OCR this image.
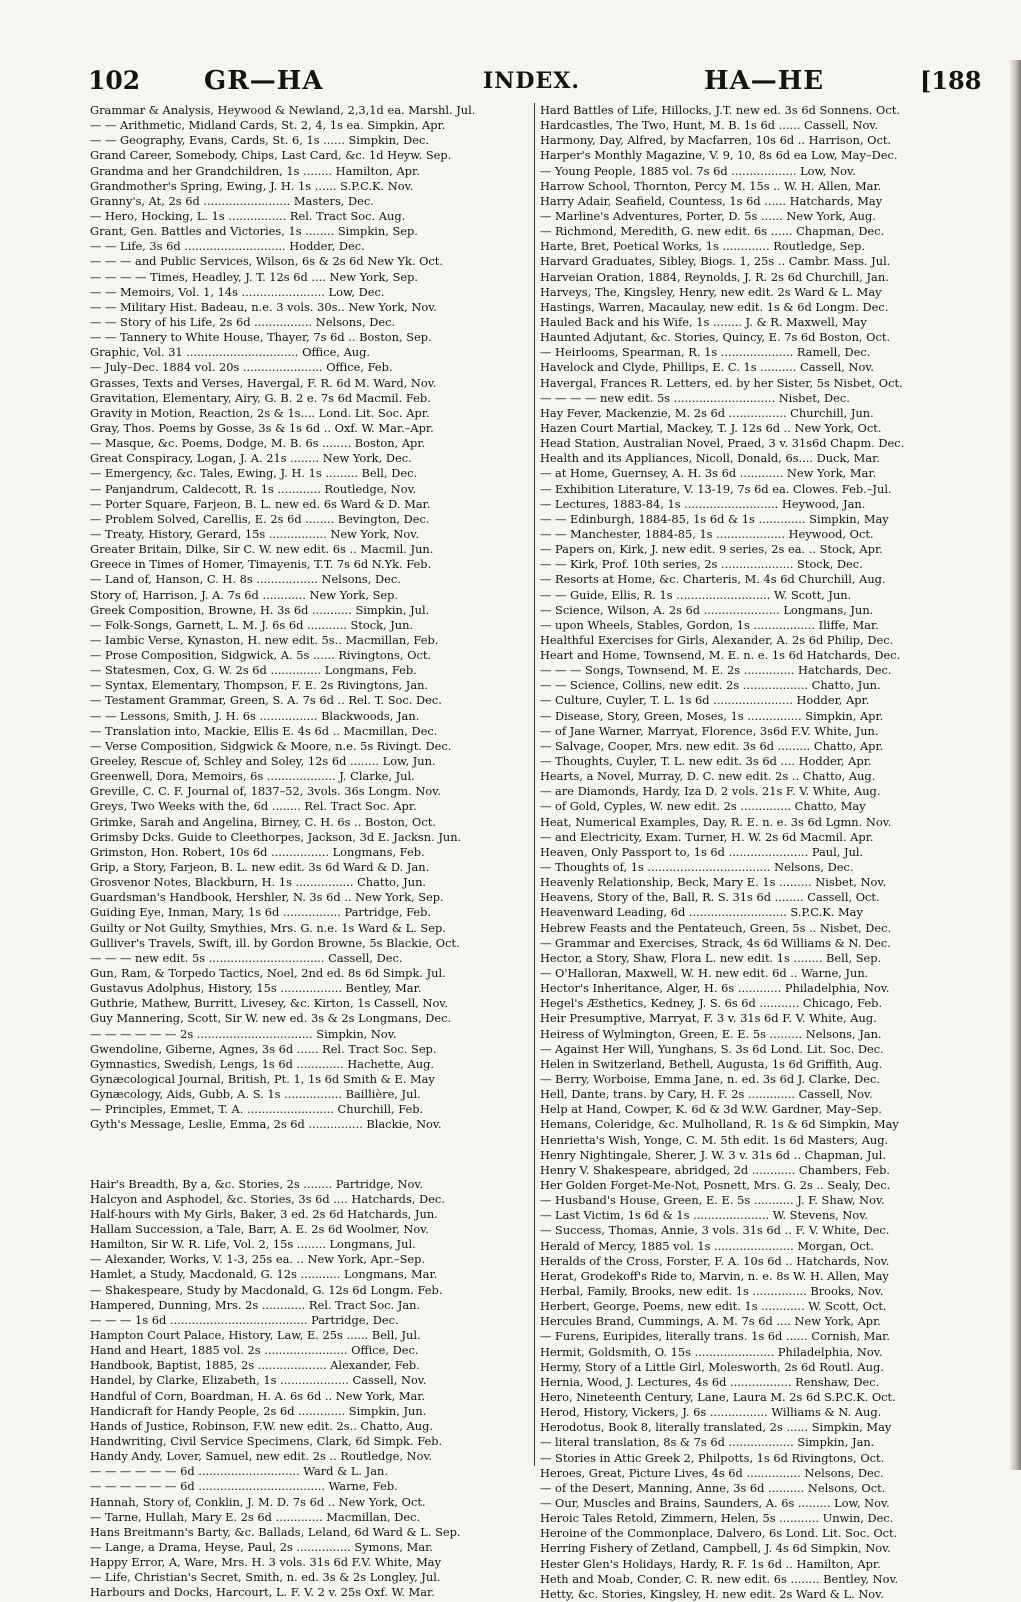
102 GR—HA	INDEX.	HA—HE	[188
Grammar & Analysis, Heywood & Newland, 2,3,1d ea. Marshl. Jul.
— — Arithmetic, Midland Cards, St. 2, 4, 1s ea. Simpkin, Apr.
— — Geography, Evans, Cards, St. 6, 1s ...... Simpkin, Dec.
Grand Career, Somebody, Chips, Last Card, &c. 1d Heyw. Sep.
Grandma and her Grandchildren, 1s ........ Hamilton, Apr.
Grandmother's Spring, Ewing, J. H. 1s ...... S.P.C.K. Nov.
Granny's, At, 2s 6d ........................ Masters, Dec.
— Hero, Hocking, L. 1s ................ Rel. Tract Soc. Aug.
Grant, Gen. Battles and Victories, 1s ........ Simpkin, Sep.
— — Life, 3s 6d ............................ Hodder, Dec.
— — — and Public Services, Wilson, 6s & 2s 6d New Yk. Oct.
— — — — Times, Headley, J. T. 12s 6d .... New York, Sep.
— — Memoirs, Vol. 1, 14s ....................... Low, Dec.
— — Military Hist. Badeau, n.e. 3 vols. 30s.. New York, Nov.
— — Story of his Life, 2s 6d ................ Nelsons, Dec.
— — Tannery to White House, Thayer, 7s 6d .. Boston, Sep.
Graphic, Vol. 31 ............................... Office, Aug.
— July–Dec. 1884 vol. 20s ...................... Office, Feb.
Grasses, Texts and Verses, Havergal, F. R. 6d M. Ward, Nov.
Gravitation, Elementary, Airy, G. B. 2 e. 7s 6d Macmil. Feb.
Gravity in Motion, Reaction, 2s & 1s.... Lond. Lit. Soc. Apr.
Gray, Thos. Poems by Gosse, 3s & 1s 6d .. Oxf. W. Mar.–Apr.
— Masque, &c. Poems, Dodge, M. B. 6s ........ Boston, Apr.
Great Conspiracy, Logan, J. A. 21s ........ New York, Dec.
— Emergency, &c. Tales, Ewing, J. H. 1s ......... Bell, Dec.
— Panjandrum, Caldecott, R. 1s ............ Routledge, Nov.
— Porter Square, Farjeon, B. L. new ed. 6s Ward & D. Mar.
— Problem Solved, Carellis, E. 2s 6d ........ Bevington, Dec.
— Treaty, History, Gerard, 15s ................ New York, Nov.
Greater Britain, Dilke, Sir C. W. new edit. 6s .. Macmil. Jun.
Greece in Times of Homer, Timayenis, T.T. 7s 6d N.Yk. Feb.
— Land of, Hanson, C. H. 8s ................. Nelsons, Dec.
Story of, Harrison, J. A. 7s 6d ............ New York, Sep.
Greek Composition, Browne, H. 3s 6d ........... Simpkin, Jul.
— Folk-Songs, Garnett, L. M. J. 6s 6d ........... Stock, Jun.
— Iambic Verse, Kynaston, H. new edit. 5s.. Macmillan, Feb.
— Prose Composition, Sidgwick, A. 5s ...... Rivingtons, Oct.
— Statesmen, Cox, G. W. 2s 6d .............. Longmans, Feb.
— Syntax, Elementary, Thompson, F. E. 2s Rivingtons, Jan.
— Testament Grammar, Green, S. A. 7s 6d .. Rel. T. Soc. Dec.
— — Lessons, Smith, J. H. 6s ................ Blackwoods, Jan.
— Translation into, Mackie, Ellis E. 4s 6d .. Macmillan, Dec.
— Verse Composition, Sidgwick & Moore, n.e. 5s Rivingt. Dec.
Greeley, Rescue of, Schley and Soley, 12s 6d ........ Low, Jun.
Greenwell, Dora, Memoirs, 6s ................... J. Clarke, Jul.
Greville, C. C. F. Journal of, 1837–52, 3vols. 36s Longm. Nov.
Greys, Two Weeks with the, 6d ........ Rel. Tract Soc. Apr.
Grimke, Sarah and Angelina, Birney, C. H. 6s .. Boston, Oct.
Grimsby Dcks. Guide to Cleethorpes, Jackson, 3d E. Jacksn. Jun.
Grimston, Hon. Robert, 10s 6d ................ Longmans, Feb.
Grip, a Story, Farjeon, B. L. new edit. 3s 6d Ward & D. Jan.
Grosvenor Notes, Blackburn, H. 1s ................ Chatto, Jun.
Guardsman's Handbook, Hershler, N. 3s 6d .. New York, Sep.
Guiding Eye, Inman, Mary, 1s 6d ................ Partridge, Feb.
Guilty or Not Guilty, Smythies, Mrs. G. n.e. 1s Ward & L. Sep.
Gulliver's Travels, Swift, ill. by Gordon Browne, 5s Blackie, Oct.
— — — new edit. 5s ................................ Cassell, Dec.
Gun, Ram, & Torpedo Tactics, Noel, 2nd ed. 8s 6d Simpk. Jul.
Gustavus Adolphus, History, 15s ................. Bentley, Mar.
Guthrie, Mathew, Burritt, Livesey, &c. Kirton, 1s Cassell, Nov.
Guy Mannering, Scott, Sir W. new ed. 3s & 2s Longmans, Dec.
— — — — — — 2s ................................ Simpkin, Nov.
Gwendoline, Giberne, Agnes, 3s 6d ...... Rel. Tract Soc. Sep.
Gymnastics, Swedish, Lengs, 1s 6d ............. Hachette, Aug.
Gynæcological Journal, British, Pt. 1, 1s 6d Smith & E. May
Gynæcology, Aids, Gubb, A. S. 1s ................ Baillière, Jul.
— Principles, Emmet, T. A. ........................ Churchill, Feb.
Gyth's Message, Leslie, Emma, 2s 6d ............... Blackie, Nov.
Hair's Breadth, By a, &c. Stories, 2s ........ Partridge, Nov.
Halcyon and Asphodel, &c. Stories, 3s 6d .... Hatchards, Dec.
Half-hours with My Girls, Baker, 3 ed. 2s 6d Hatchards, Jun.
Hallam Succession, a Tale, Barr, A. E. 2s 6d Woolmer, Nov.
Hamilton, Sir W. R. Life, Vol. 2, 15s ........ Longmans, Jul.
— Alexander, Works, V. 1-3, 25s ea. .. New York, Apr.–Sep.
Hamlet, a Study, Macdonald, G. 12s ........... Longmans, Mar.
— Shakespeare, Study by Macdonald, G. 12s 6d Longm. Feb.
Hampered, Dunning, Mrs. 2s ............ Rel. Tract Soc. Jan.
— — — 1s 6d ...................................... Partridge, Dec.
Hampton Court Palace, History, Law, E. 25s ...... Bell, Jul.
Hand and Heart, 1885 vol. 2s ....................... Office, Dec.
Handbook, Baptist, 1885, 2s ................... Alexander, Feb.
Handel, by Clarke, Elizabeth, 1s ................... Cassell, Nov.
Handful of Corn, Boardman, H. A. 6s 6d .. New York, Mar.
Handicraft for Handy People, 2s 6d ............. Simpkin, Jun.
Hands of Justice, Robinson, F.W. new edit. 2s.. Chatto, Aug.
Handwriting, Civil Service Specimens, Clark, 6d Simpk. Feb.
Handy Andy, Lover, Samuel, new edit. 2s .. Routledge, Nov.
— — — — — — 6d ............................ Ward & L. Jan.
— — — — — — 6d ................................... Warne, Feb.
Hannah, Story of, Conklin, J. M. D. 7s 6d .. New York, Oct.
— Tarne, Hullah, Mary E. 2s 6d ............. Macmillan, Dec.
Hans Breitmann's Barty, &c. Ballads, Leland, 6d Ward & L. Sep.
— Lange, a Drama, Heyse, Paul, 2s ............... Symons, Mar.
Happy Error, A, Ware, Mrs. H. 3 vols. 31s 6d F.V. White, May
— Life, Christian's Secret, Smith, n. ed. 3s & 2s Longley, Jul.
Harbours and Docks, Harcourt, L. F. V. 2 v. 25s Oxf. W. Mar.
Hard Battles of Life, Hillocks, J.T. new ed. 3s 6d Sonnens. Oct.
Hardcastles, The Two, Hunt, M. B. 1s 6d ...... Cassell, Nov.
Harmony, Day, Alfred, by Macfarren, 10s 6d .. Harrison, Oct.
Harper's Monthly Magazine, V. 9, 10, 8s 6d ea Low, May–Dec.
— Young People, 1885 vol. 7s 6d .................. Low, Nov.
Harrow School, Thornton, Percy M. 15s .. W. H. Allen, Mar.
Harry Adair, Seafield, Countess, 1s 6d ...... Hatchards, May
— Marline's Adventures, Porter, D. 5s ...... New York, Aug.
— Richmond, Meredith, G. new edit. 6s ...... Chapman, Dec.
Harte, Bret, Poetical Works, 1s ............. Routledge, Sep.
Harvard Graduates, Sibley, Biogs. 1, 25s .. Cambr. Mass. Jul.
Harveian Oration, 1884, Reynolds, J. R. 2s 6d Churchill, Jan.
Harveys, The, Kingsley, Henry, new edit. 2s Ward & L. May
Hastings, Warren, Macaulay, new edit. 1s & 6d Longm. Dec.
Hauled Back and his Wife, 1s ........ J. & R. Maxwell, May
Haunted Adjutant, &c. Stories, Quincy, E. 7s 6d Boston, Oct.
— Heirlooms, Spearman, R. 1s .................... Ramell, Dec.
Havelock and Clyde, Phillips, E. C. 1s .......... Cassell, Nov.
Havergal, Frances R. Letters, ed. by her Sister, 5s Nisbet, Oct.
— — — — new edit. 5s ............................ Nisbet, Dec.
Hay Fever, Mackenzie, M. 2s 6d ................ Churchill, Jun.
Hazen Court Martial, Mackey, T. J. 12s 6d .. New York, Oct.
Head Station, Australian Novel, Praed, 3 v. 31s6d Chapm. Dec.
Health and its Appliances, Nicoll, Donald, 6s.... Duck, Mar.
— at Home, Guernsey, A. H. 3s 6d ............ New York, Mar.
— Exhibition Literature, V. 13-19, 7s 6d ea. Clowes. Feb.–Jul.
— Lectures, 1883-84, 1s .......................... Heywood, Jan.
— — Edinburgh, 1884-85, 1s 6d & 1s ............. Simpkin, May
— — Manchester, 1884-85, 1s ................... Heywood, Oct.
— Papers on, Kirk, J. new edit. 9 series, 2s ea. .. Stock, Apr.
— — Kirk, Prof. 10th series, 2s .................... Stock, Dec.
— Resorts at Home, &c. Charteris, M. 4s 6d Churchill, Aug.
— — Guide, Ellis, R. 1s .......................... W. Scott, Jun.
— Science, Wilson, A. 2s 6d ..................... Longmans, Jun.
— upon Wheels, Stables, Gordon, 1s ................. Iliffe, Mar.
Healthful Exercises for Girls, Alexander, A. 2s 6d Philip, Dec.
Heart and Home, Townsend, M. E. n. e. 1s 6d Hatchards, Dec.
— — — Songs, Townsend, M. E. 2s .............. Hatchards, Dec.
— — Science, Collins, new edit. 2s .................. Chatto, Jun.
— Culture, Cuyler, T. L. 1s 6d ...................... Hodder, Apr.
— Disease, Story, Green, Moses, 1s ............... Simpkin, Apr.
— of Jane Warner, Marryat, Florence, 3s6d F.V. White, Jun.
— Salvage, Cooper, Mrs. new edit. 3s 6d ......... Chatto, Apr.
— Thoughts, Cuyler, T. L. new edit. 3s 6d .... Hodder, Apr.
Hearts, a Novel, Murray, D. C. new edit. 2s .. Chatto, Aug.
— are Diamonds, Hardy, Iza D. 2 vols. 21s F. V. White, Aug.
— of Gold, Cyples, W. new edit. 2s .............. Chatto, May
Heat, Numerical Examples, Day, R. E. n. e. 3s 6d Lgmn. Nov.
— and Electricity, Exam. Turner, H. W. 2s 6d Macmil. Apr.
Heaven, Only Passport to, 1s 6d ...................... Paul, Jul.
— Thoughts of, 1s .................................. Nelsons, Dec.
Heavenly Relationship, Beck, Mary E. 1s ......... Nisbet, Nov.
Heavens, Story of the, Ball, R. S. 31s 6d ........ Cassell, Oct.
Heavenward Leading, 6d ........................... S.P.C.K. May
Hebrew Feasts and the Pentateuch, Green, 5s .. Nisbet, Dec.
— Grammar and Exercises, Strack, 4s 6d Williams & N. Dec.
Hector, a Story, Shaw, Flora L. new edit. 1s ........ Bell, Sep.
— O'Halloran, Maxwell, W. H. new edit. 6d .. Warne, Jun.
Hector's Inheritance, Alger, H. 6s ............ Philadelphia, Nov.
Hegel's Æsthetics, Kedney, J. S. 6s 6d ........... Chicago, Feb.
Heir Presumptive, Marryat, F. 3 v. 31s 6d F. V. White, Aug.
Heiress of Wylmington, Green, E. E. 5s ......... Nelsons, Jan.
— Against Her Will, Yunghans, S. 3s 6d Lond. Lit. Soc. Dec.
Helen in Switzerland, Bethell, Augusta, 1s 6d Griffith, Aug.
— Berry, Worboise, Emma Jane, n. ed. 3s 6d J. Clarke, Dec.
Hell, Dante, trans. by Cary, H. F. 2s ............. Cassell, Nov.
Help at Hand, Cowper, K. 6d & 3d W.W. Gardner, May–Sep.
Hemans, Coleridge, &c. Mulholland, R. 1s & 6d Simpkin, May
Henrietta's Wish, Yonge, C. M. 5th edit. 1s 6d Masters, Aug.
Henry Nightingale, Sherer, J. W. 3 v. 31s 6d .. Chapman, Jul.
Henry V. Shakespeare, abridged, 2d ............ Chambers, Feb.
Her Golden Forget-Me-Not, Posnett, Mrs. G. 2s .. Sealy, Dec.
— Husband's House, Green, E. E. 5s ........... J. F. Shaw, Nov.
— Last Victim, 1s 6d & 1s ..................... W. Stevens, Nov.
— Success, Thomas, Annie, 3 vols. 31s 6d .. F. V. White, Dec.
Herald of Mercy, 1885 vol. 1s ...................... Morgan, Oct.
Heralds of the Cross, Forster, F. A. 10s 6d .. Hatchards, Nov.
Herat, Grodekoff's Ride to, Marvin, n. e. 8s W. H. Allen, May
Herbal, Family, Brooks, new edit. 1s ............... Brooks, Nov.
Herbert, George, Poems, new edit. 1s ............ W. Scott, Oct.
Hercules Brand, Cummings, A. M. 7s 6d .... New York, Apr.
— Furens, Euripides, literally trans. 1s 6d ...... Cornish, Mar.
Hermit, Goldsmith, O. 15s ...................... Philadelphia, Nov.
Hermy, Story of a Little Girl, Molesworth, 2s 6d Routl. Aug.
Hernia, Wood, J. Lectures, 4s 6d ................. Renshaw, Dec.
Hero, Nineteenth Century, Lane, Laura M. 2s 6d S.P.C.K. Oct.
Herod, History, Vickers, J. 6s ................ Williams & N. Aug.
Herodotus, Book 8, literally translated, 2s ...... Simpkin, May
— literal translation, 8s & 7s 6d .................. Simpkin, Jan.
— Stories in Attic Greek 2, Philpotts, 1s 6d Rivingtons, Oct.
Heroes, Great, Picture Lives, 4s 6d ............... Nelsons, Dec.
— of the Desert, Manning, Anne, 3s 6d .......... Nelsons, Oct.
— Our, Muscles and Brains, Saunders, A. 6s ......... Low, Nov.
Heroic Tales Retold, Zimmern, Helen, 5s ........... Unwin, Dec.
Heroine of the Commonplace, Dalvero, 6s Lond. Lit. Soc. Oct.
Herring Fishery of Zetland, Campbell, J. 4s 6d Simpkin, Nov.
Hester Glen's Holidays, Hardy, R. F. 1s 6d .. Hamilton, Apr.
Heth and Moab, Conder, C. R. new edit. 6s ........ Bentley, Nov.
Hetty, &c. Stories, Kingsley, H. new edit. 2s Ward & L. Nov.
